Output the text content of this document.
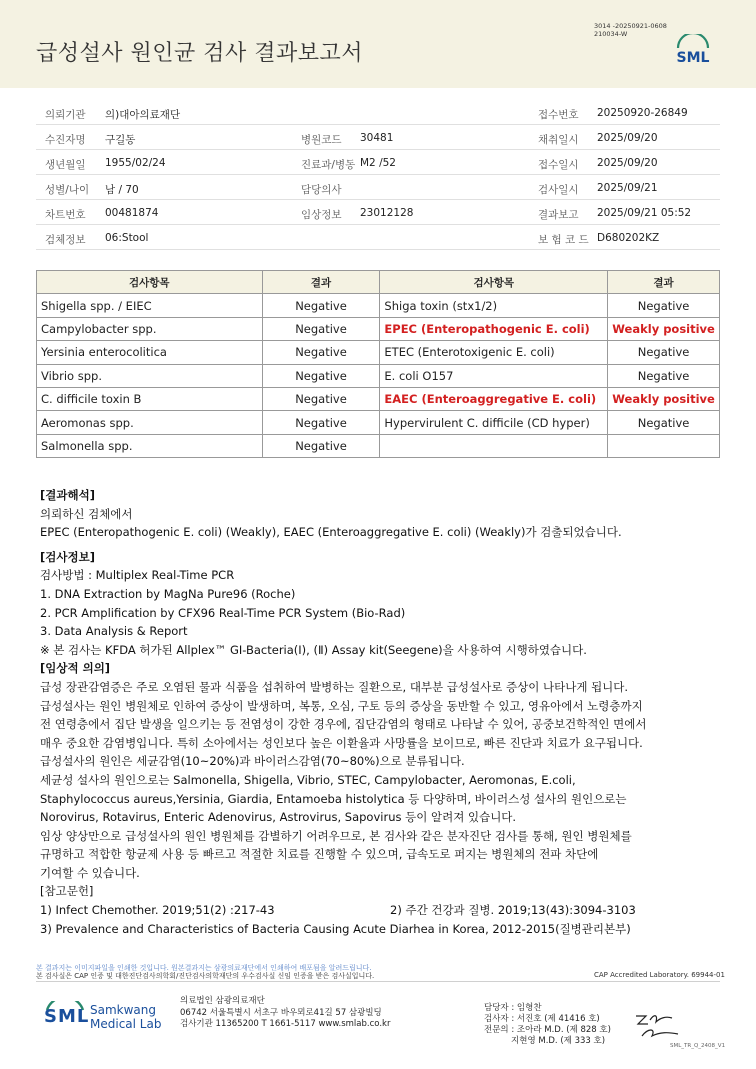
급성설사 원인균 검사 결과보고서
3014 -20250921-0608
210034-W
SML
의뢰기관 의)대아의료재단	접수번호 20250920-26849
수진자명 구길동	병원코드 30481	채취일시 2025/09/20
생년월일 1955/02/24	진료과/병동 M2 /52	접수일시 2025/09/20
성별/나이 남 / 70	담당의사	검사일시 2025/09/21
차트번호 00481874	임상정보 23012128	결과보고 2025/09/21 05:52
검체정보 06:Stool	보 험 코 드 D680202KZ
검사항목	결과	검사항목	결과
Shigella spp. / EIEC	Negative	Shiga toxin (stx1/2)	Negative
Campylobacter spp.	Negative	EPEC (Enteropathogenic E. coli)	Weakly positive
Yersinia enterocolitica	Negative	ETEC (Enterotoxigenic E. coli)	Negative
Vibrio spp.	Negative	E. coli O157	Negative
C. difficile toxin B	Negative	EAEC (Enteroaggregative E. coli)	Weakly positive
Aeromonas spp.	Negative	Hypervirulent C. difficile (CD hyper)	Negative
Salmonella spp.	Negative		
[결과해석]
의뢰하신 검체에서
EPEC (Enteropathogenic E. coli) (Weakly), EAEC (Enteroaggregative E. coli) (Weakly)가 검출되었습니다.
[검사정보]
검사방법 : Multiplex Real-Time PCR
1. DNA Extraction by MagNa Pure96 (Roche)
2. PCR Amplification by CFX96 Real-Time PCR System (Bio-Rad)
3. Data Analysis & Report
※ 본 검사는 KFDA 허가된 Allplex™ GI-Bacteria(Ⅰ), (Ⅱ) Assay kit(Seegene)을 사용하여 시행하였습니다.
[임상적 의의]
급성 장관감염증은 주로 오염된 물과 식품을 섭취하여 발병하는 질환으로, 대부분 급성설사로 증상이 나타나게 됩니다.
급성설사는 원인 병원체로 인하여 증상이 발생하며, 복통, 오심, 구토 등의 증상을 동반할 수 있고, 영유아에서 노령층까지
전 연령층에서 집단 발생을 일으키는 등 전염성이 강한 경우에, 집단감염의 형태로 나타날 수 있어, 공중보건학적인 면에서
매우 중요한 감염병입니다. 특히 소아에서는 성인보다 높은 이환율과 사망률을 보이므로, 빠른 진단과 치료가 요구됩니다.
급성설사의 원인은 세균감염(10~20%)과 바이러스감염(70~80%)으로 분류됩니다.
세균성 설사의 원인으로는 Salmonella, Shigella, Vibrio, STEC, Campylobacter, Aeromonas, E.coli,
Staphylococcus aureus,Yersinia, Giardia, Entamoeba histolytica 등 다양하며, 바이러스성 설사의 원인으로는
Norovirus, Rotavirus, Enteric Adenovirus, Astrovirus, Sapovirus 등이 알려져 있습니다.
임상 양상만으로 급성설사의 원인 병원체를 감별하기 어려우므로, 본 검사와 같은 분자진단 검사를 통해, 원인 병원체를
규명하고 적합한 항균제 사용 등 빠르고 적절한 치료를 진행할 수 있으며, 급속도로 퍼지는 병원체의 전파 차단에
기여할 수 있습니다.
[참고문헌]
1) Infect Chemother. 2019;51(2) :217-43	2) 주간 건강과 질병. 2019;13(43):3094-3103
3) Prevalence and Characteristics of Bacteria Causing Acute Diarhea in Korea, 2012-2015(질병관리본부)
본 결과지는 이미지파일을 인쇄한 것입니다. 원본결과지는 삼광의료재단에서 인쇄하여 배포됨을 알려드립니다.
본 검사실은 CAP 인증 및 대한진단검사의학회/진단검사의학재단의 우수검사실 신임 인증을 받은 검사실입니다.	CAP Accredited Laboratory. 69944-01
SML Samkwang
Medical Lab
의료법인 삼광의료재단
06742 서울특별시 서초구 바우뫼로41길 57 삼광빌딩
검사기관 11365200 T 1661-5117 www.smlab.co.kr
담당자 : 임형찬
검사자 : 서진호 (제 41416 호)
전문의 : 조아라 M.D. (제 828 호)
지현영 M.D. (제 333 호)	SML_TR_Q_2408_V1
